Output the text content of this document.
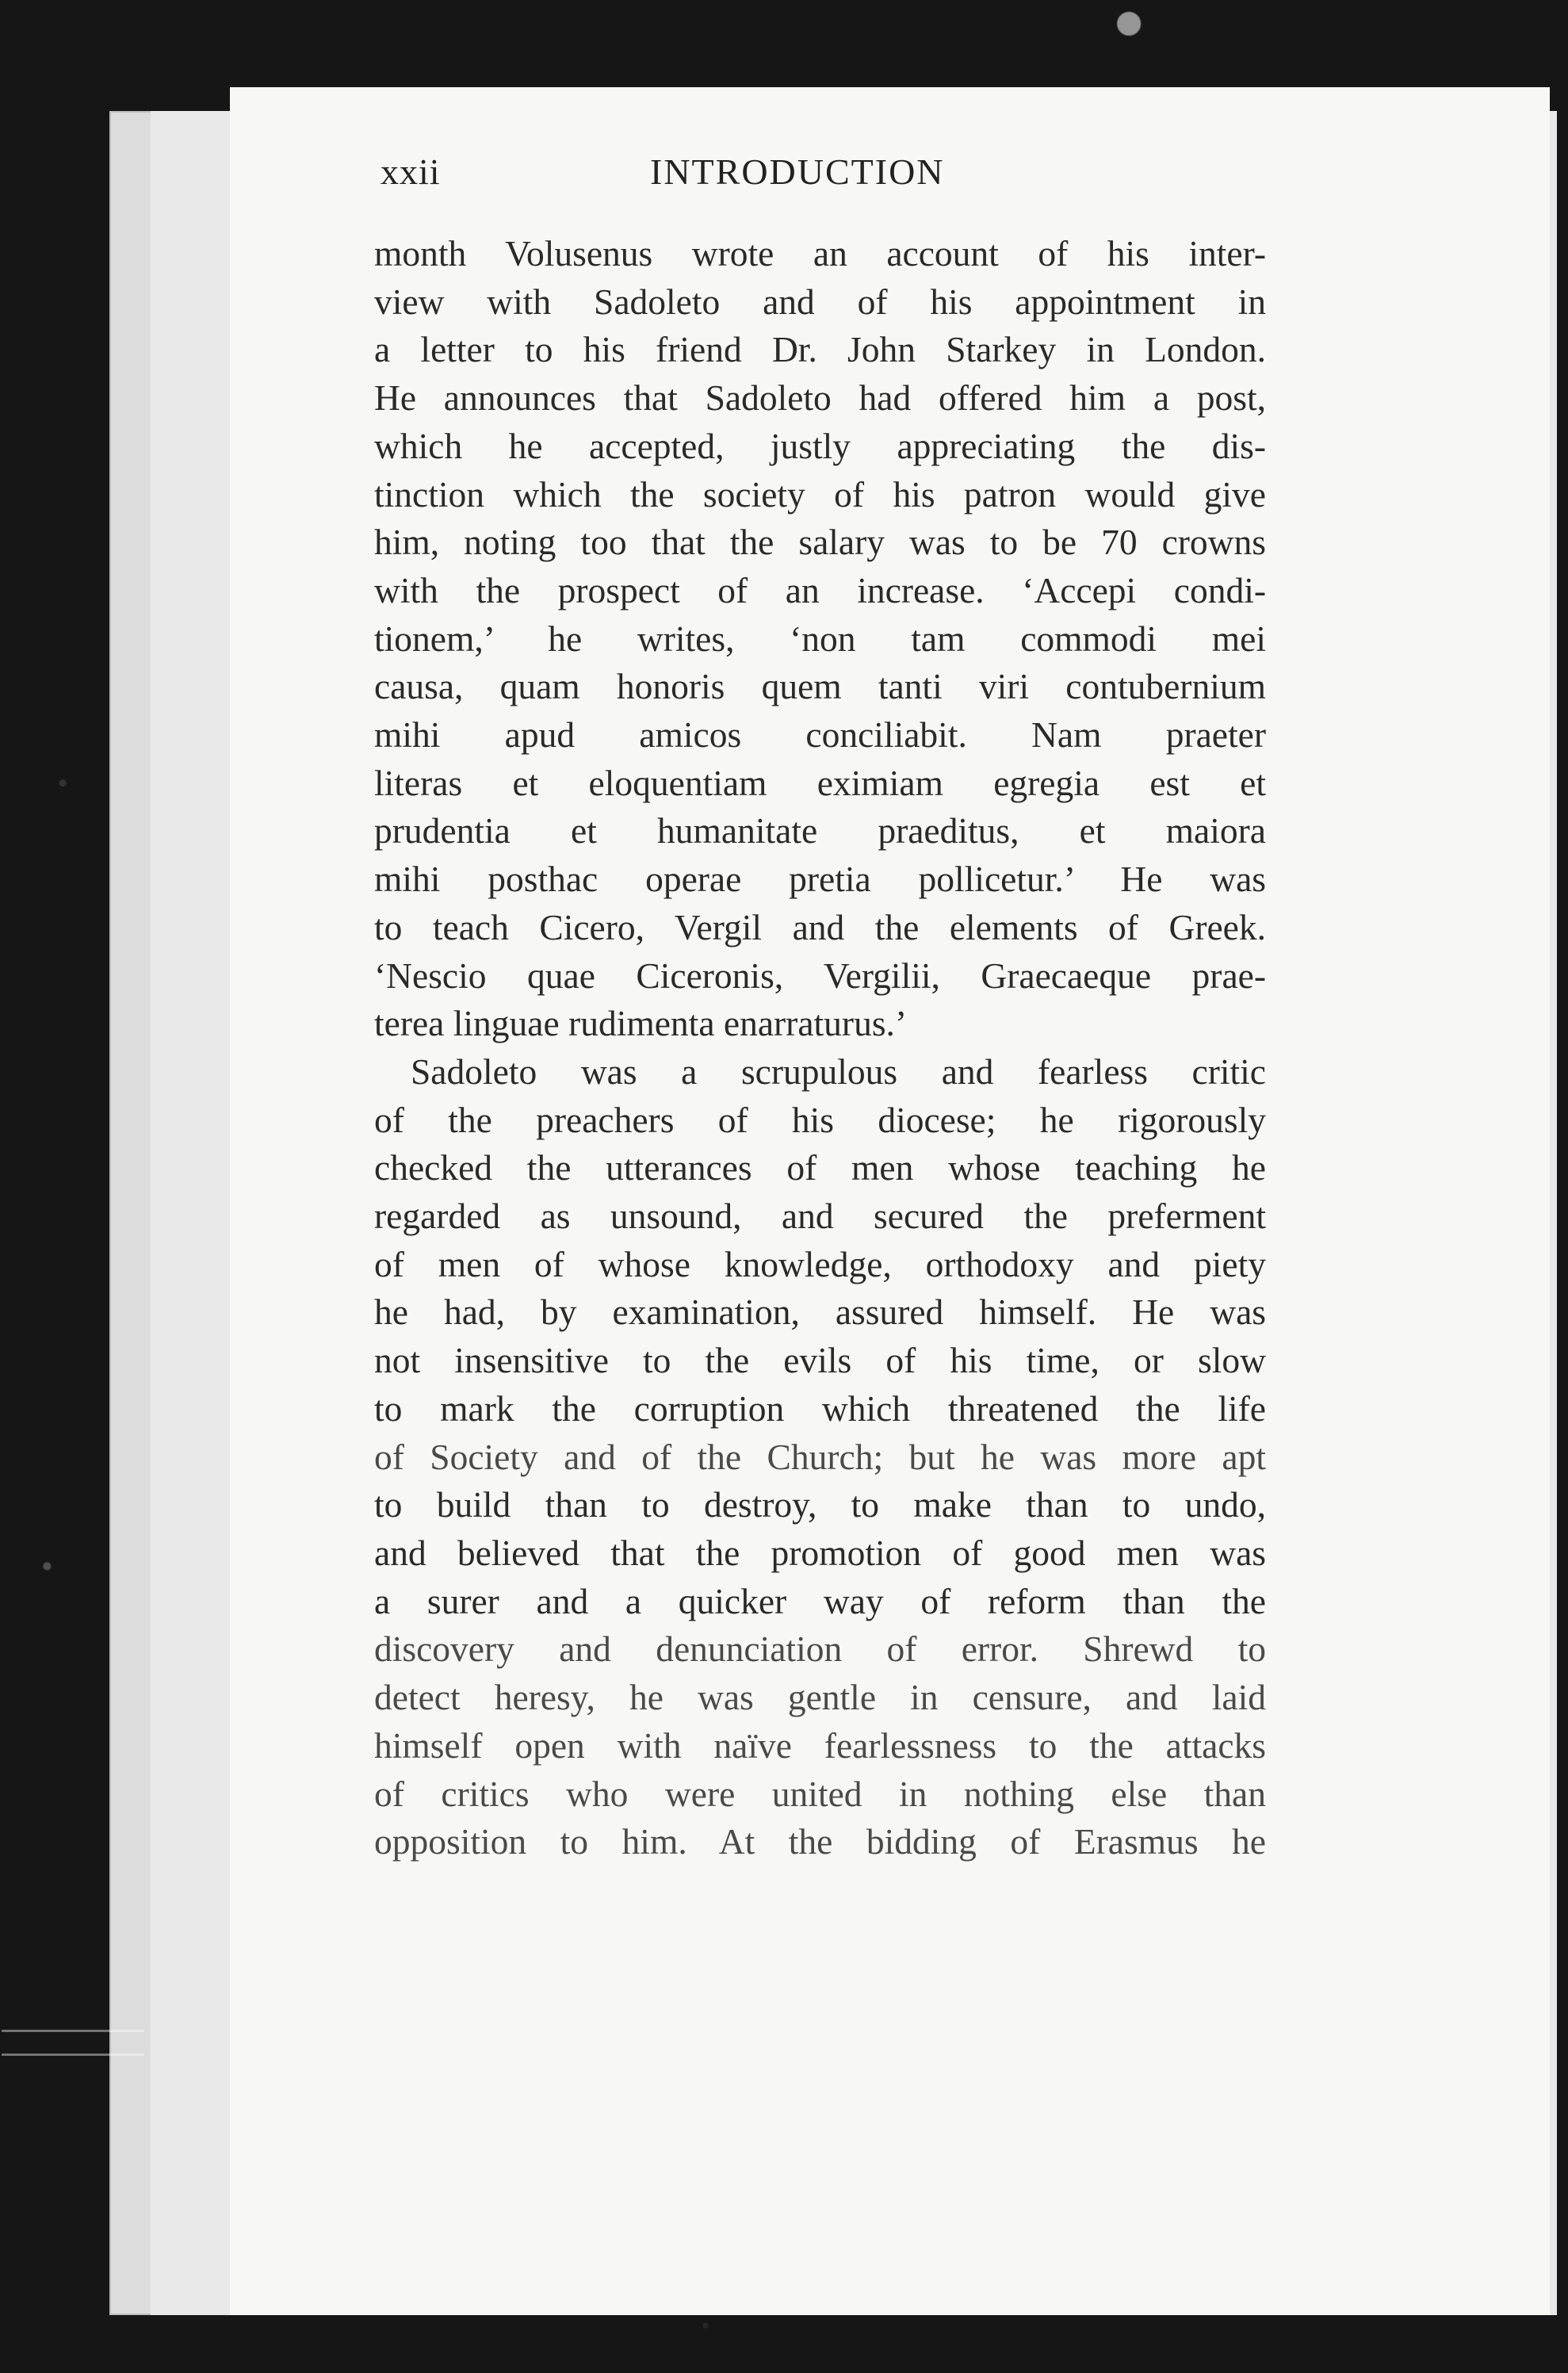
xxii	INTRODUCTION
month Volusenus wrote an account of his inter-
view with Sadoleto and of his appointment in
a letter to his friend Dr. John Starkey in London.
He announces that Sadoleto had offered him a post,
which he accepted, justly appreciating the dis-
tinction which the society of his patron would give
him, noting too that the salary was to be 70 crowns
with the prospect of an increase. ‘Accepi condi-
tionem,’ he writes, ‘non tam commodi mei
causa, quam honoris quem tanti viri contubernium
mihi apud amicos conciliabit. Nam praeter
literas et eloquentiam eximiam egregia est et
prudentia et humanitate praeditus, et maiora
mihi posthac operae pretia pollicetur.’ He was
to teach Cicero, Vergil and the elements of Greek.
‘Nescio quae Ciceronis, Vergilii, Graecaeque prae-
terea linguae rudimenta enarraturus.’
Sadoleto was a scrupulous and fearless critic
of the preachers of his diocese; he rigorously
checked the utterances of men whose teaching he
regarded as unsound, and secured the preferment
of men of whose knowledge, orthodoxy and piety
he had, by examination, assured himself. He was
not insensitive to the evils of his time, or slow
to mark the corruption which threatened the life
of Society and of the Church; but he was more apt
to build than to destroy, to make than to undo,
and believed that the promotion of good men was
a surer and a quicker way of reform than the
discovery and denunciation of error. Shrewd to
detect heresy, he was gentle in censure, and laid
himself open with naïve fearlessness to the attacks
of critics who were united in nothing else than
opposition to him. At the bidding of Erasmus he
